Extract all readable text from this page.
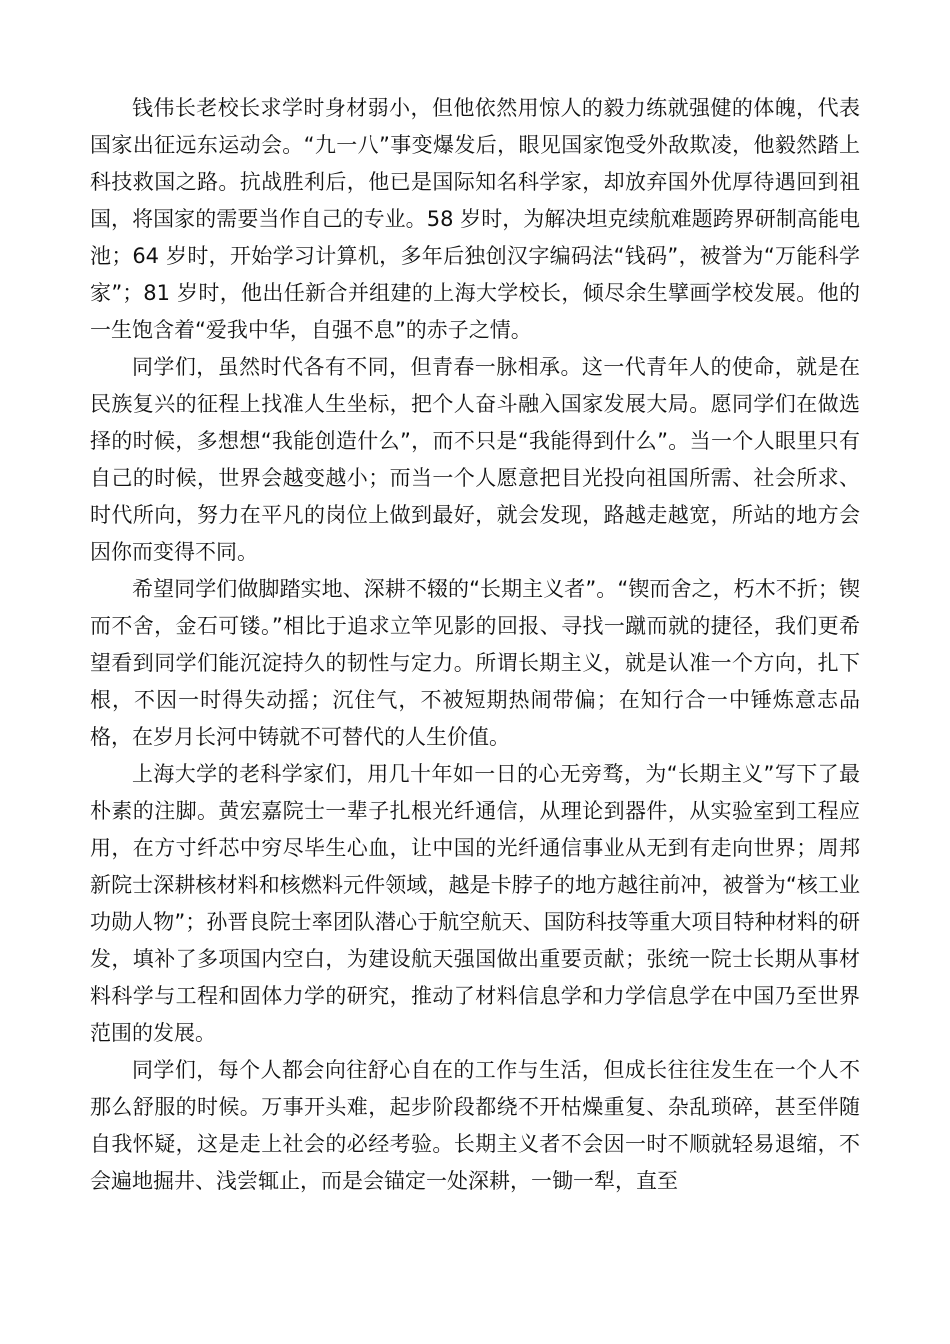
钱伟长老校长求学时身材弱小，但他依然用惊人的毅力练就强健的体魄，代表国家出征远东运动会。“九一八”事变爆发后，眼见国家饱受外敌欺凌，他毅然踏上科技救国之路。抗战胜利后，他已是国际知名科学家，却放弃国外优厚待遇回到祖国，将国家的需要当作自己的专业。58 岁时，为解决坦克续航难题跨界研制高能电池；64 岁时，开始学习计算机，多年后独创汉字编码法“钱码”，被誉为“万能科学家”；81 岁时，他出任新合并组建的上海大学校长，倾尽余生擘画学校发展。他的一生饱含着“爱我中华，自强不息”的赤子之情。

同学们，虽然时代各有不同，但青春一脉相承。这一代青年人的使命，就是在民族复兴的征程上找准人生坐标，把个人奋斗融入国家发展大局。愿同学们在做选择的时候，多想想“我能创造什么”，而不只是“我能得到什么”。当一个人眼里只有自己的时候，世界会越变越小；而当一个人愿意把目光投向祖国所需、社会所求、时代所向，努力在平凡的岗位上做到最好，就会发现，路越走越宽，所站的地方会因你而变得不同。

希望同学们做脚踏实地、深耕不辍的“长期主义者”。“锲而舍之，朽木不折；锲而不舍，金石可镂。”相比于追求立竿见影的回报、寻找一蹴而就的捷径，我们更希望看到同学们能沉淀持久的韧性与定力。所谓长期主义，就是认准一个方向，扎下根，不因一时得失动摇；沉住气，不被短期热闹带偏；在知行合一中锤炼意志品格，在岁月长河中铸就不可替代的人生价值。

上海大学的老科学家们，用几十年如一日的心无旁骛，为“长期主义”写下了最朴素的注脚。黄宏嘉院士一辈子扎根光纤通信，从理论到器件，从实验室到工程应用，在方寸纤芯中穷尽毕生心血，让中国的光纤通信事业从无到有走向世界；周邦新院士深耕核材料和核燃料元件领域，越是卡脖子的地方越往前冲，被誉为“核工业功勋人物”；孙晋良院士率团队潜心于航空航天、国防科技等重大项目特种材料的研发，填补了多项国内空白，为建设航天强国做出重要贡献；张统一院士长期从事材料科学与工程和固体力学的研究，推动了材料信息学和力学信息学在中国乃至世界范围的发展。

同学们，每个人都会向往舒心自在的工作与生活，但成长往往发生在一个人不那么舒服的时候。万事开头难，起步阶段都绕不开枯燥重复、杂乱琐碎，甚至伴随自我怀疑，这是走上社会的必经考验。长期主义者不会因一时不顺就轻易退缩，不会遍地掘井、浅尝辄止，而是会锚定一处深耕，一锄一犁，直至
